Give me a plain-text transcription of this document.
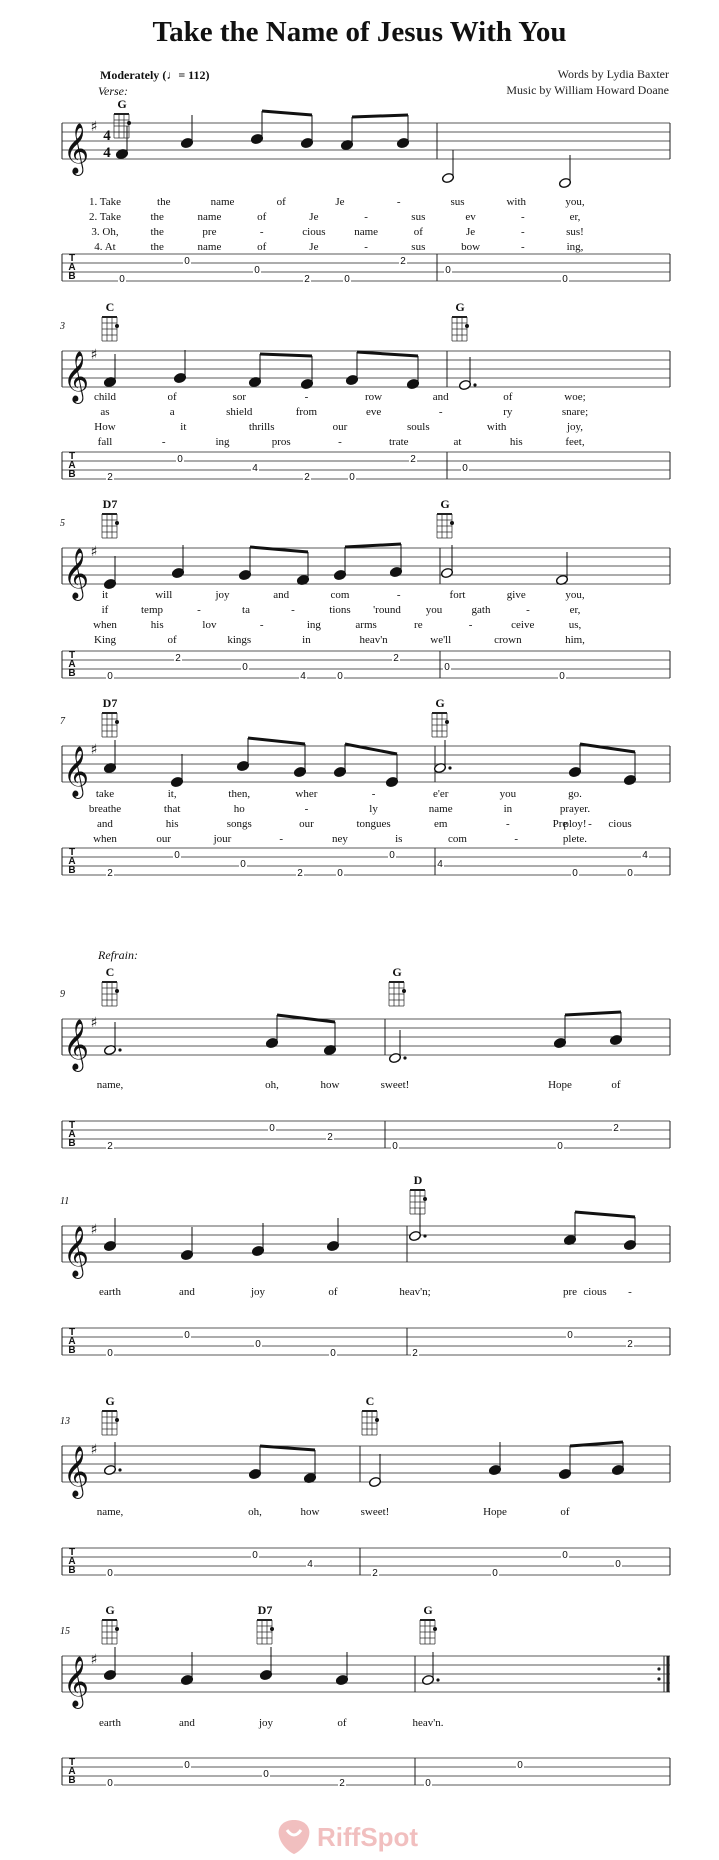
Take the Name of Jesus With You
Words by Lydia Baxter
Music by William Howard Doane
Moderately (♩= 112)
Verse:
Refrain:
𝄞 ♯
4
4
G
1. Take	the	name	of	Je	-	sus	with	you,
2. Take	the	name	of	Je	-	sus	ev	-	er,
3. Oh,	the	pre	-	cious	name	of	Je	-	sus!
4. At	the	name	of	Je	-	sus	bow	-	ing,
T
A
B	0
0
0
2	0
2
0
0
𝄞 ♯
3
C	G
child	of	sor	-	row	and	of	woe;
as	a	shield	from	eve	-	ry	snare;
How	it	thrills	our	souls	with	joy,
fall	-	ing	pros	-	trate	at	his	feet,
T
A
B	2
0
4
2	0
2
0
𝄞 ♯
5
D7	G
it	will	joy	and	com	-	fort	give	you,
if	temp	-	ta	-	tions 'round you	gath	-	er,
when	his	lov	-	ing	arms	re	-	ceive	us,
King	of	kings	in	heav'n	we'll	crown	him,
T
A
B	0
2
0
4	0
2
0
0
𝄞 ♯
7
D7	G
take	it,	then,	wher	-	e'er	you	go.
breathe	that	ho	-	ly	name	in	prayer.
and	his	songs	our	tongues	em	-	ploy!
when	our	jour	-	ney	is	com	-	plete.
Pre - cious
T
A
B	2
0
0
2	0
0
4
0	0
4
𝄞 ♯
9
C	G
name,	oh,	how	sweet!	Hope	of
T
A
B	2
0
2
0	0
2
𝄞 ♯
11
D
earth	and	joy	of	heav'n;	pre	-
cious
T
A
B	0
0
0
0	2
0
2
𝄞 ♯
13
G	C
name,	oh,	how	sweet!	Hope	of
T
A
B	0
0
4
2	0
0
0
𝄞 ♯
15
G	D7	G
earth	and	joy	of	heav'n.
T
A
B	0
0
0
2	0
0
RiffSpot
